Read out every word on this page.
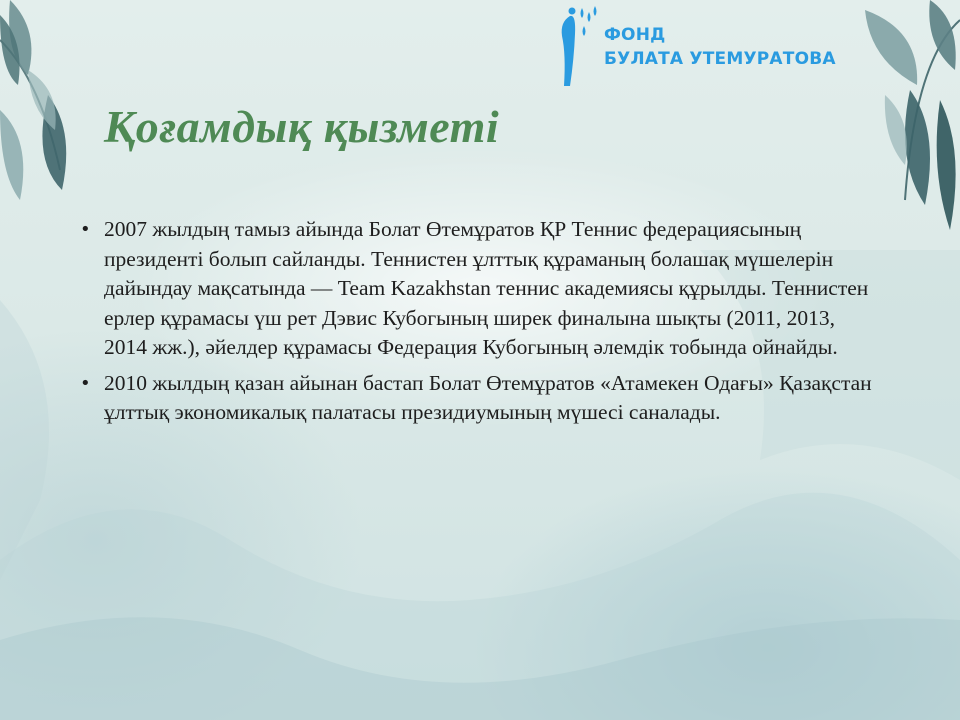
ФОНД
БУЛАТА УТЕМУРАТОВА
Қоғамдық қызметі
• 2007 жылдың тамыз айында Болат Өтемұратов ҚР Теннис федерациясының президенті болып сайланды. Теннистен ұлттық құраманың болашақ мүшелерін дайындау мақсатында — Team Kazakhstan теннис академиясы құрылды. Теннистен ерлер құрамасы үш рет Дэвис Кубогының ширек финалына шықты (2011, 2013, 2014 жж.), әйелдер құрамасы Федерация Кубогының әлемдік тобында ойнайды.
• 2010 жылдың қазан айынан бастап Болат Өтемұратов «Атамекен Одағы» Қазақстан ұлттық экономикалық палатасы президиумының мүшесі саналады.
